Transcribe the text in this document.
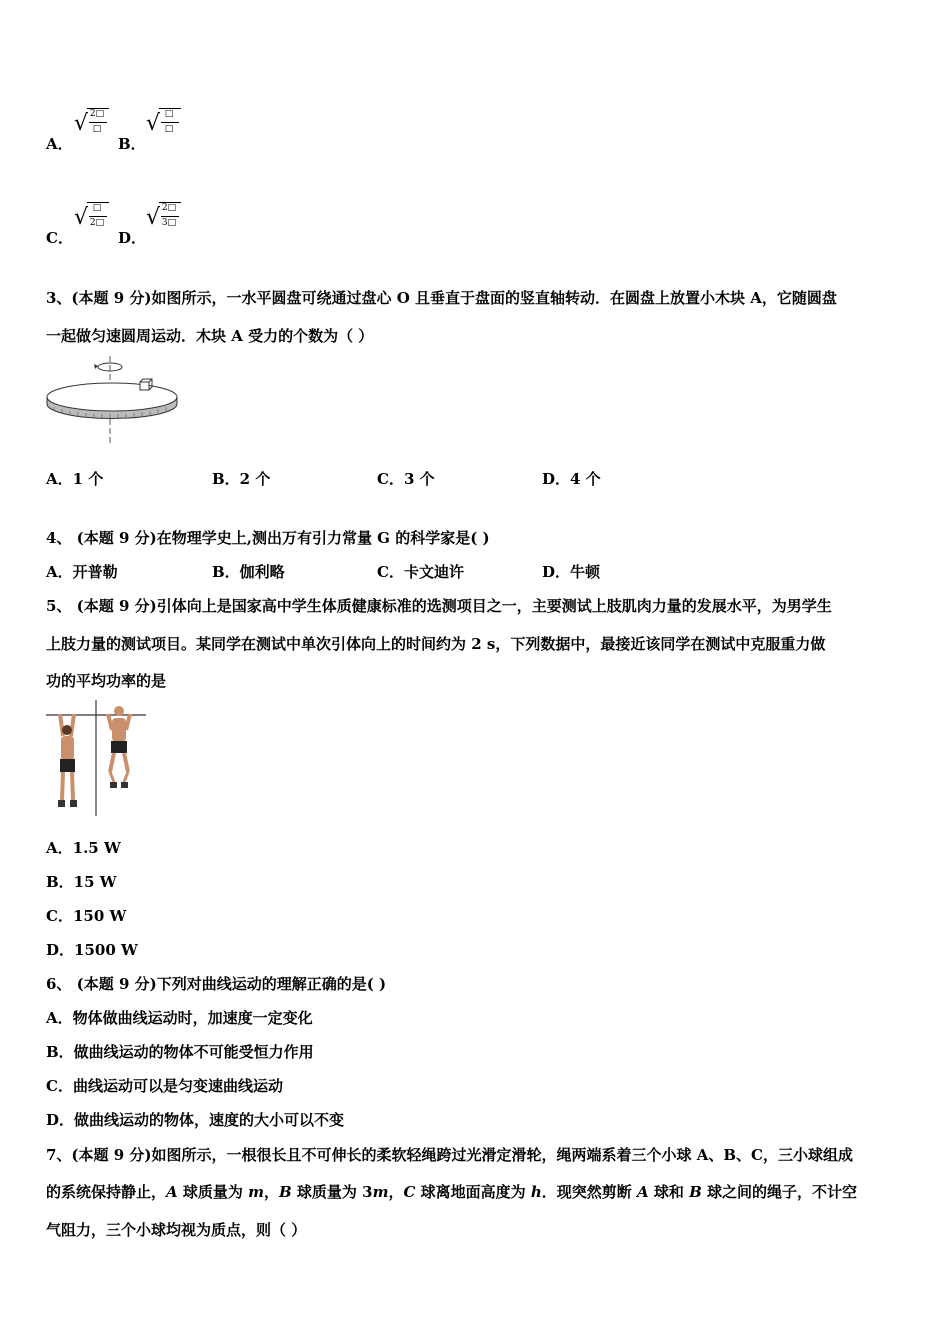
A．
√ 2□
□
B．
√ □
□
C．
√ □
2□
D．
√ 2□
3□
3、(本题 9 分)如图所示，一水平圆盘可绕通过盘心 O 且垂直于盘面的竖直轴转动．在圆盘上放置小木块 A，它随圆盘
一起做匀速圆周运动．木块 A 受力的个数为（ ）
A．1 个	B．2 个	C．3 个	D．4 个
4、 (本题 9 分)在物理学史上,测出万有引力常量 G 的科学家是( )
A．开普勒	B．伽利略	C．卡文迪许	D．牛顿
5、 (本题 9 分)引体向上是国家高中学生体质健康标准的选测项目之一，主要测试上肢肌肉力量的发展水平，为男学生
上肢力量的测试项目。某同学在测试中单次引体向上的时间约为 2 s，下列数据中，最接近该同学在测试中克服重力做
功的平均功率的是
A．1.5 W
B．15 W
C．150 W
D．1500 W
6、 (本题 9 分)下列对曲线运动的理解正确的是( )
A．物体做曲线运动时，加速度一定变化
B．做曲线运动的物体不可能受恒力作用
C．曲线运动可以是匀变速曲线运动
D．做曲线运动的物体，速度的大小可以不变
7、(本题 9 分)如图所示，一根很长且不可伸长的柔软轻绳跨过光滑定滑轮，绳两端系着三个小球 A、B、C，三小球组成
的系统保持静止，A 球质量为 m，B 球质量为 3m，C 球离地面高度为 h．现突然剪断 A 球和 B 球之间的绳子，不计空
气阻力，三个小球均视为质点，则（ ）
